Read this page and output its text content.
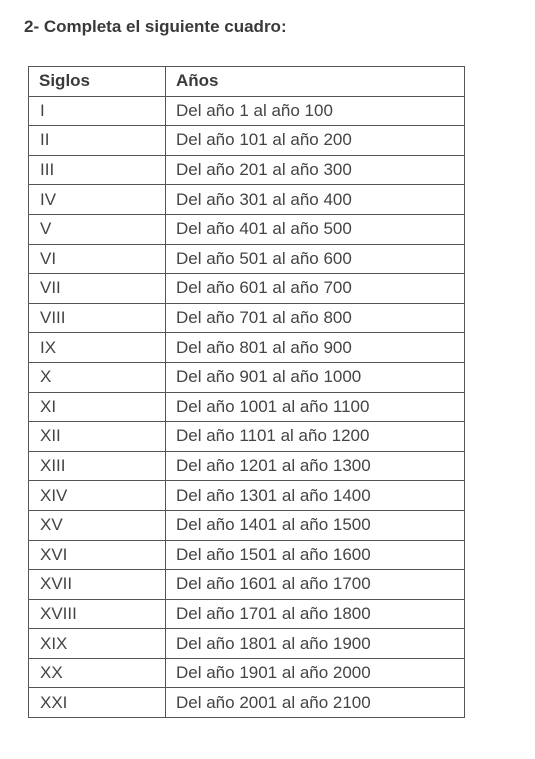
2- Completa el siguiente cuadro:
Siglos	Años
I	Del año 1 al año 100
II	Del año 101 al año 200
III	Del año 201 al año 300
IV	Del año 301 al año 400
V	Del año 401 al año 500
VI	Del año 501 al año 600
VII	Del año 601 al año 700
VIII	Del año 701 al año 800
IX	Del año 801 al año 900
X	Del año 901 al año 1000
XI	Del año 1001 al año 1100
XII	Del año 1101 al año 1200
XIII	Del año 1201 al año 1300
XIV	Del año 1301 al año 1400
XV	Del año 1401 al año 1500
XVI	Del año 1501 al año 1600
XVII	Del año 1601 al año 1700
XVIII	Del año 1701 al año 1800
XIX	Del año 1801 al año 1900
XX	Del año 1901 al año 2000
XXI	Del año 2001 al año 2100
